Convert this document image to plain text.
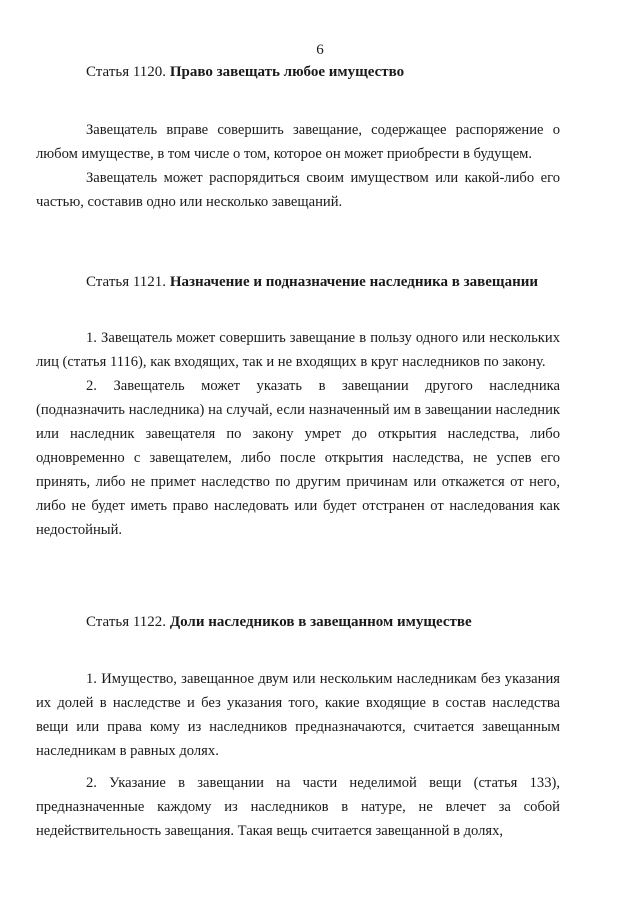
6
Статья 1120. Право завещать любое имущество

Завещатель вправе совершить завещание, содержащее распоряжение о любом имуществе, в том числе о том, которое он может приобрести в будущем.

Завещатель может распорядиться своим имуществом или какой-либо его частью, составив одно или несколько завещаний.

Статья 1121. Назначение и подназначение наследника в завещании

1. Завещатель может совершить завещание в пользу одного или нескольких лиц (статья 1116), как входящих, так и не входящих в круг наследников по закону.

2. Завещатель может указать в завещании другого наследника (подназначить наследника) на случай, если назначенный им в завещании наследник или наследник завещателя по закону умрет до открытия наследства, либо одновременно с завещателем, либо после открытия наследства, не успев его принять, либо не примет наследство по другим причинам или откажется от него, либо не будет иметь право наследовать или будет отстранен от наследования как недостойный.

Статья 1122. Доли наследников в завещанном имуществе

1. Имущество, завещанное двум или нескольким наследникам без указания их долей в наследстве и без указания того, какие входящие в состав наследства вещи или права кому из наследников предназначаются, считается завещанным наследникам в равных долях.

2. Указание в завещании на части неделимой вещи (статья 133), предназначенные каждому из наследников в натуре, не влечет за собой недействительность завещания. Такая вещь считается завещанной в долях,
